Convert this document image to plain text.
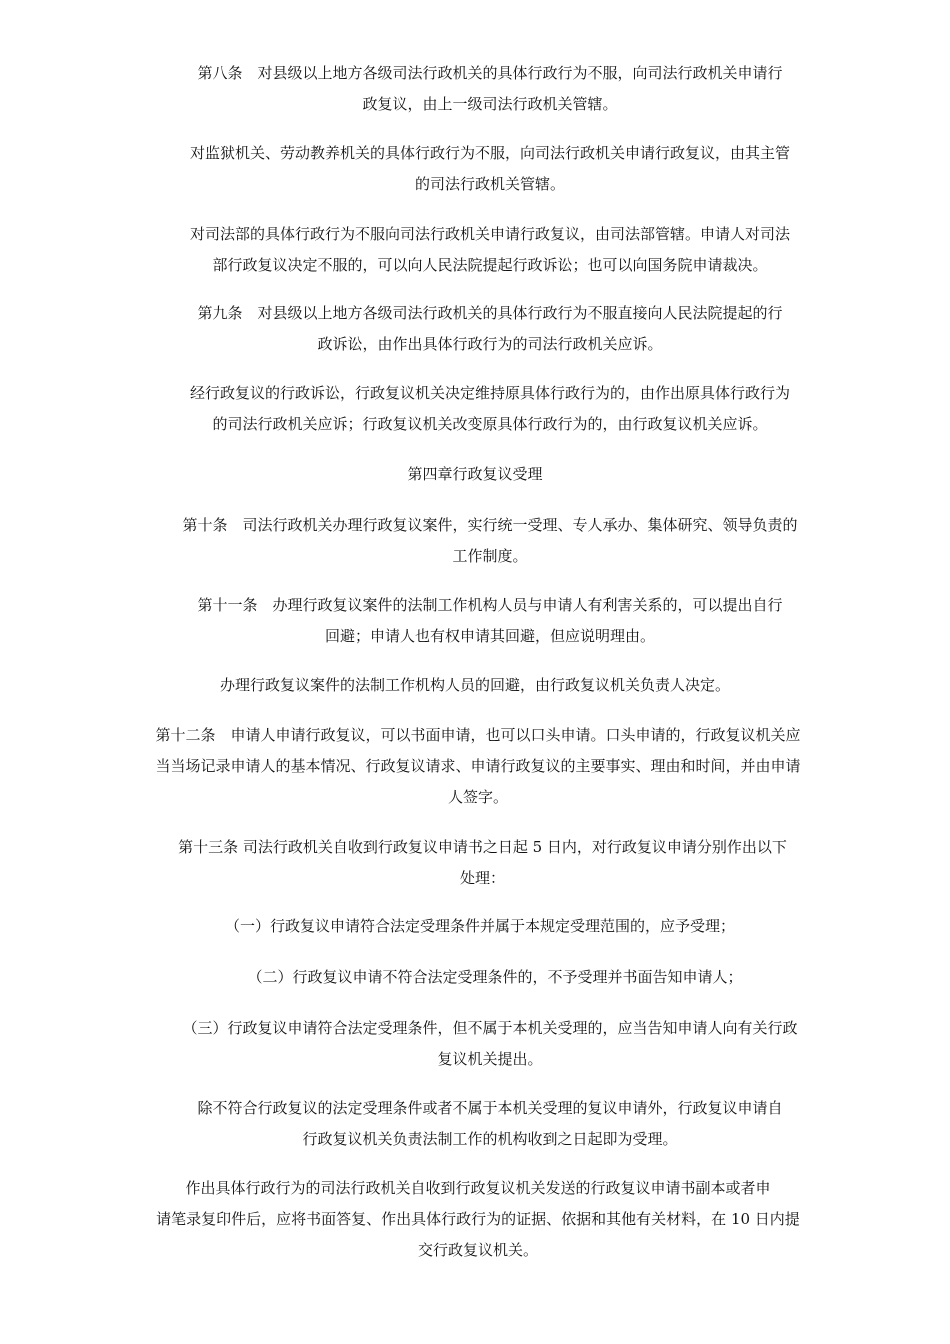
第八条　对县级以上地方各级司法行政机关的具体行政行为不服，向司法行政机关申请行
政复议，由上一级司法行政机关管辖。
对监狱机关、劳动教养机关的具体行政行为不服，向司法行政机关申请行政复议，由其主管
的司法行政机关管辖。
对司法部的具体行政行为不服向司法行政机关申请行政复议，由司法部管辖。申请人对司法
部行政复议决定不服的，可以向人民法院提起行政诉讼；也可以向国务院申请裁决。
第九条　对县级以上地方各级司法行政机关的具体行政行为不服直接向人民法院提起的行
政诉讼，由作出具体行政行为的司法行政机关应诉。
经行政复议的行政诉讼，行政复议机关决定维持原具体行政行为的，由作出原具体行政行为
的司法行政机关应诉；行政复议机关改变原具体行政行为的，由行政复议机关应诉。
第四章行政复议受理
第十条　司法行政机关办理行政复议案件，实行统一受理、专人承办、集体研究、领导负责的
工作制度。
第十一条　办理行政复议案件的法制工作机构人员与申请人有利害关系的，可以提出自行
回避；申请人也有权申请其回避，但应说明理由。
办理行政复议案件的法制工作机构人员的回避，由行政复议机关负责人决定。
第十二条　申请人申请行政复议，可以书面申请，也可以口头申请。口头申请的，行政复议机关应
当当场记录申请人的基本情况、行政复议请求、申请行政复议的主要事实、理由和时间，并由申请
人签字。
第十三条 司法行政机关自收到行政复议申请书之日起 5 日内，对行政复议申请分别作出以下
处理：
（一）行政复议申请符合法定受理条件并属于本规定受理范围的，应予受理；
（二）行政复议申请不符合法定受理条件的，不予受理并书面告知申请人；
（三）行政复议申请符合法定受理条件，但不属于本机关受理的，应当告知申请人向有关行政
复议机关提出。
除不符合行政复议的法定受理条件或者不属于本机关受理的复议申请外，行政复议申请自
行政复议机关负责法制工作的机构收到之日起即为受理。
作出具体行政行为的司法行政机关自收到行政复议机关发送的行政复议申请书副本或者申
请笔录复印件后，应将书面答复、作出具体行政行为的证据、依据和其他有关材料，在 10 日内提
交行政复议机关。
